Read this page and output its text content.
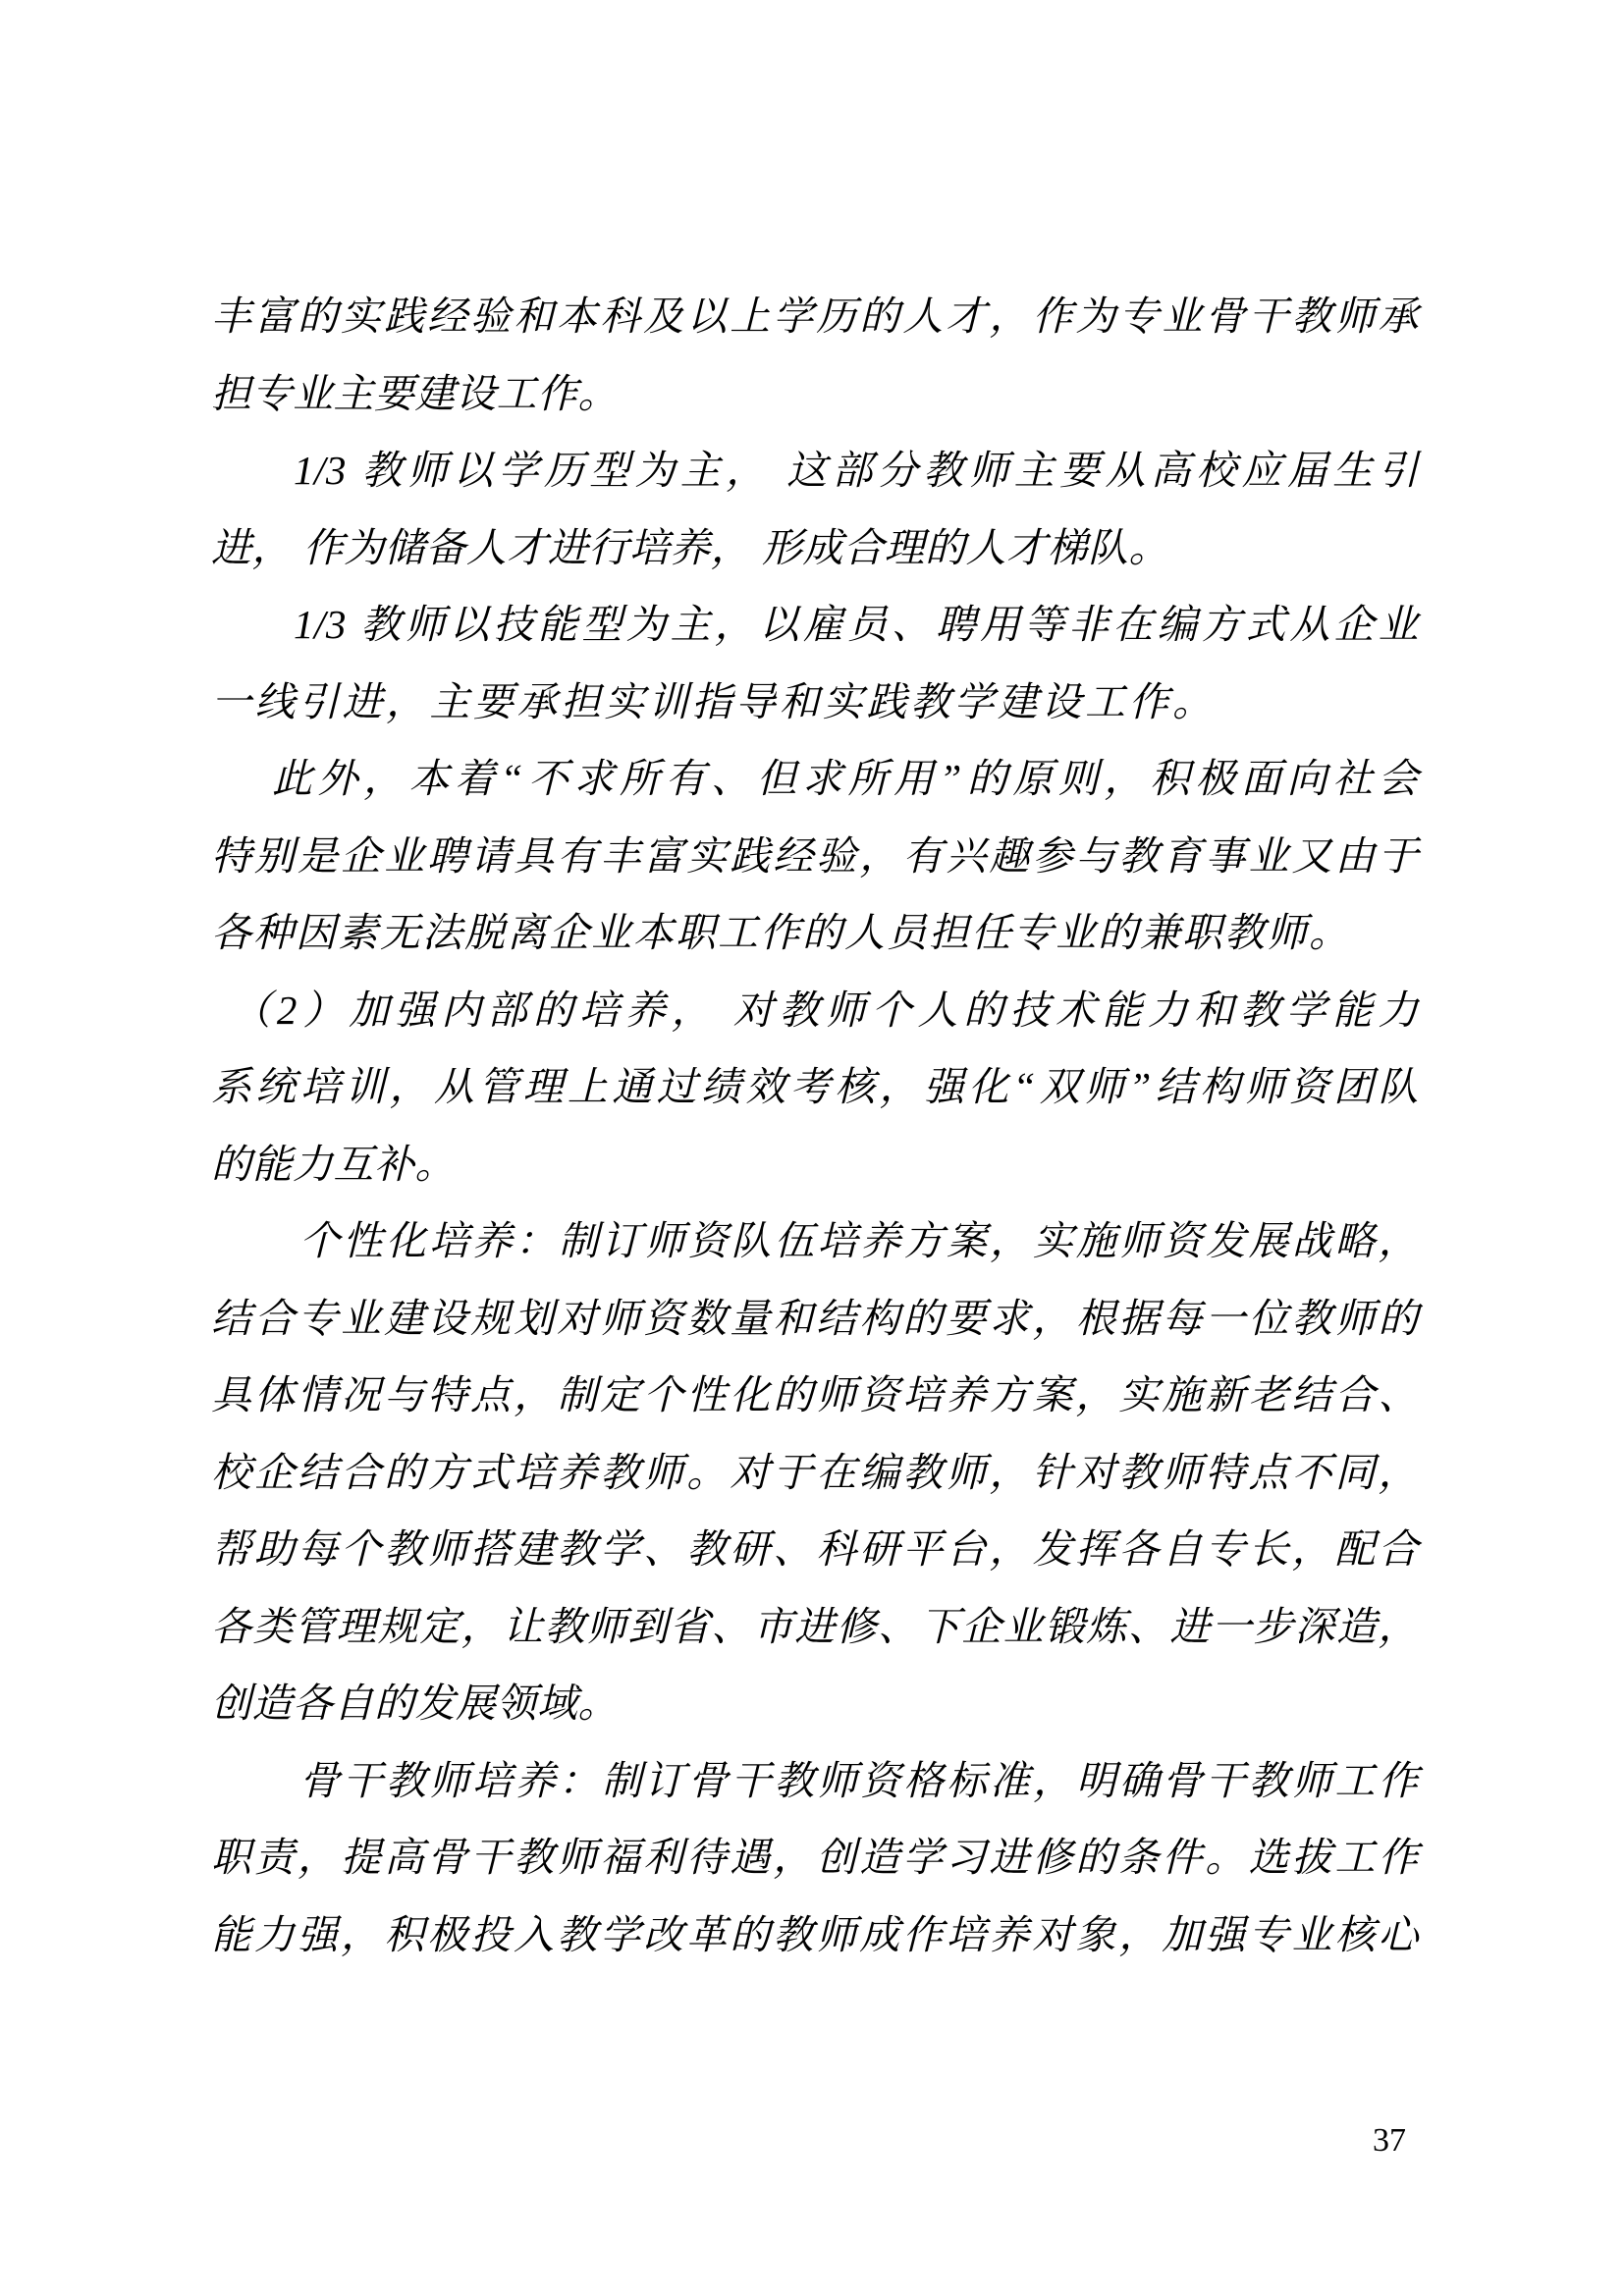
丰富的实践经验和本科及以上学历的人才，作为专业骨干教师承
担专业主要建设工作。
1/3 教师以学历型为主， 这部分教师主要从高校应届生引
进， 作为储备人才进行培养， 形成合理的人才梯队。
1/3 教师以技能型为主，以雇员、聘用等非在编方式从企业
一线引进，主要承担实训指导和实践教学建设工作。
此外，本着“不求所有、但求所用”的原则，积极面向社会
特别是企业聘请具有丰富实践经验，有兴趣参与教育事业又由于
各种因素无法脱离企业本职工作的人员担任专业的兼职教师。
（2）加强内部的培养， 对教师个人的技术能力和教学能力
系统培训，从管理上通过绩效考核，强化“双师”结构师资团队
的能力互补。
个性化培养：制订师资队伍培养方案，实施师资发展战略，
结合专业建设规划对师资数量和结构的要求，根据每一位教师的
具体情况与特点，制定个性化的师资培养方案，实施新老结合、
校企结合的方式培养教师。对于在编教师，针对教师特点不同，
帮助每个教师搭建教学、教研、科研平台，发挥各自专长，配合
各类管理规定，让教师到省、市进修、下企业锻炼、进一步深造，
创造各自的发展领域。
骨干教师培养：制订骨干教师资格标准，明确骨干教师工作
职责，提高骨干教师福利待遇，创造学习进修的条件。选拔工作
能力强，积极投入教学改革的教师成作培养对象，加强专业核心
37
